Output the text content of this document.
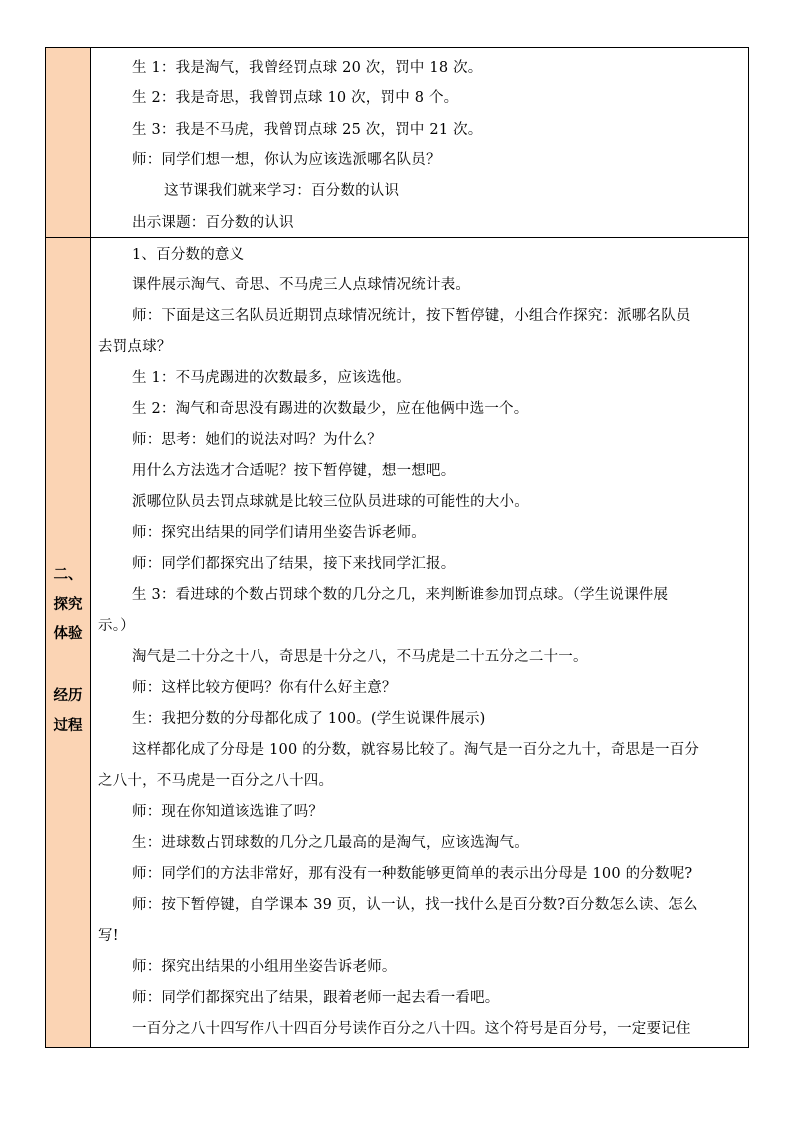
生 1：我是淘气，我曾经罚点球 20 次，罚中 18 次。
生 2：我是奇思，我曾罚点球 10 次，罚中 8 个。
生 3：我是不马虎，我曾罚点球 25 次，罚中 21 次。
师：同学们想一想，你认为应该选派哪名队员？
这节课我们就来学习：百分数的认识
出示课题：百分数的认识
二、
探究
体验
经历
过程
1、百分数的意义
课件展示淘气、奇思、不马虎三人点球情况统计表。
师：下面是这三名队员近期罚点球情况统计，按下暂停键，小组合作探究：派哪名队员
去罚点球？
生 1：不马虎踢进的次数最多，应该选他。
生 2：淘气和奇思没有踢进的次数最少，应在他俩中选一个。
师：思考：她们的说法对吗？为什么？
用什么方法选才合适呢？按下暂停键，想一想吧。
派哪位队员去罚点球就是比较三位队员进球的可能性的大小。
师：探究出结果的同学们请用坐姿告诉老师。
师：同学们都探究出了结果，接下来找同学汇报。
生 3：看进球的个数占罚球个数的几分之几，来判断谁参加罚点球。（学生说课件展
示。）
淘气是二十分之十八，奇思是十分之八，不马虎是二十五分之二十一。
师：这样比较方便吗？你有什么好主意？
生：我把分数的分母都化成了 100。(学生说课件展示)
这样都化成了分母是 100 的分数，就容易比较了。淘气是一百分之九十，奇思是一百分
之八十，不马虎是一百分之八十四。
师：现在你知道该选谁了吗？
生：进球数占罚球数的几分之几最高的是淘气，应该选淘气。
师：同学们的方法非常好，那有没有一种数能够更简单的表示出分母是 100 的分数呢?
师：按下暂停键，自学课本 39 页，认一认，找一找什么是百分数?百分数怎么读、怎么
写!
师：探究出结果的小组用坐姿告诉老师。
师：同学们都探究出了结果，跟着老师一起去看一看吧。
一百分之八十四写作八十四百分号读作百分之八十四。这个符号是百分号，一定要记住
